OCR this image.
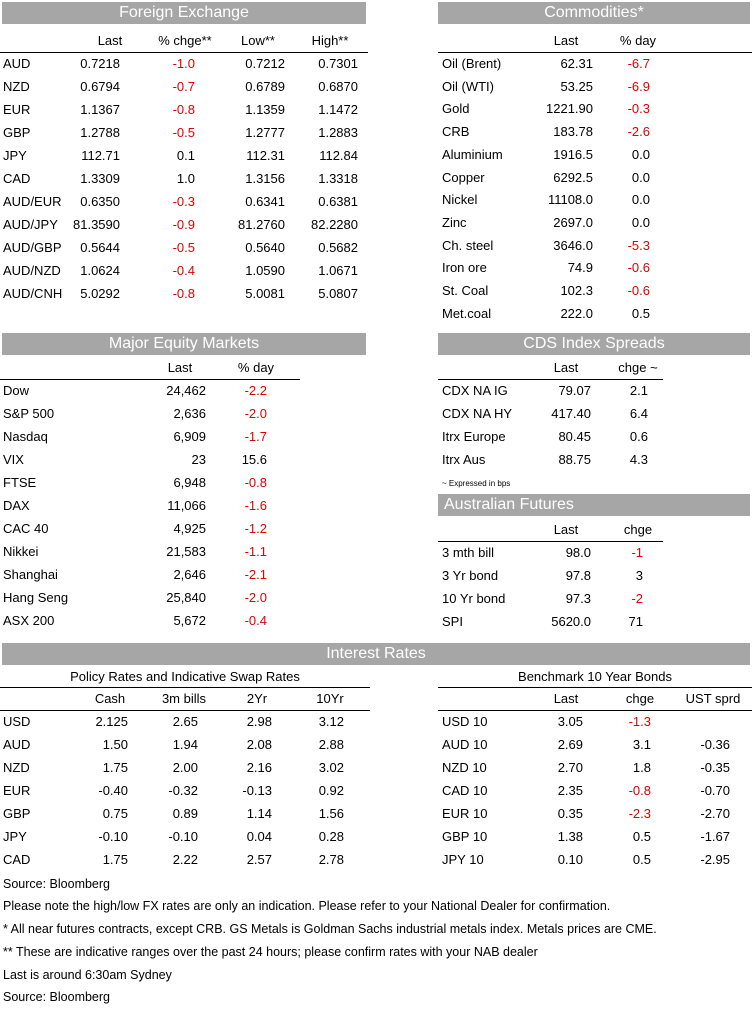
Foreign Exchange
Last	% chge**	Low**	High**
AUD	0.7218	-1.0	0.7212	0.7301
NZD	0.6794	-0.7	0.6789	0.6870
EUR	1.1367	-0.8	1.1359	1.1472
GBP	1.2788	-0.5	1.2777	1.2883
JPY	112.71	0.1	112.31	112.84
CAD	1.3309	1.0	1.3156	1.3318
AUD/EUR	0.6350	-0.3	0.6341	0.6381
AUD/JPY	81.3590	-0.9	81.2760	82.2280
AUD/GBP	0.5644	-0.5	0.5640	0.5682
AUD/NZD	1.0624	-0.4	1.0590	1.0671
AUD/CNH	5.0292	-0.8	5.0081	5.0807
Commodities*
Last	% day
Oil (Brent)	62.31	-6.7
Oil (WTI)	53.25	-6.9
Gold	1221.90	-0.3
CRB	183.78	-2.6
Aluminium	1916.5	0.0
Copper	6292.5	0.0
Nickel	11108.0	0.0
Zinc	2697.0	0.0
Ch. steel	3646.0	-5.3
Iron ore	74.9	-0.6
St. Coal	102.3	-0.6
Met.coal	222.0	0.5
Major Equity Markets
Last	% day
Dow	24,462	-2.2
S&P 500	2,636	-2.0
Nasdaq	6,909	-1.7
VIX	23	15.6
FTSE	6,948	-0.8
DAX	11,066	-1.6
CAC 40	4,925	-1.2
Nikkei	21,583	-1.1
Shanghai	2,646	-2.1
Hang Seng	25,840	-2.0
ASX 200	5,672	-0.4
CDS Index Spreads
Last	chge ~
CDX NA IG	79.07	2.1
CDX NA HY	417.40	6.4
Itrx Europe	80.45	0.6
Itrx Aus	88.75	4.3
~ Expressed in bps
Australian Futures
Last	chge
3 mth bill	98.0	-1
3 Yr bond	97.8	3
10 Yr bond	97.3	-2
SPI	5620.0	71
Interest Rates
Policy Rates and Indicative Swap Rates
Cash	3m bills	2Yr	10Yr
USD	2.125	2.65	2.98	3.12
AUD	1.50	1.94	2.08	2.88
NZD	1.75	2.00	2.16	3.02
EUR	-0.40	-0.32	-0.13	0.92
GBP	0.75	0.89	1.14	1.56
JPY	-0.10	-0.10	0.04	0.28
CAD	1.75	2.22	2.57	2.78
Benchmark 10 Year Bonds
Last	chge	UST sprd
USD 10	3.05	-1.3
AUD 10	2.69	3.1	-0.36
NZD 10	2.70	1.8	-0.35
CAD 10	2.35	-0.8	-0.70
EUR 10	0.35	-2.3	-2.70
GBP 10	1.38	0.5	-1.67
JPY 10	0.10	0.5	-2.95
Source: Bloomberg
Please note the high/low FX rates are only an indication. Please refer to your National Dealer for confirmation.
* All near futures contracts, except CRB. GS Metals is Goldman Sachs industrial metals index. Metals prices are CME.
** These are indicative ranges over the past 24 hours; please confirm rates with your NAB dealer
Last is around 6:30am Sydney
Source: Bloomberg
